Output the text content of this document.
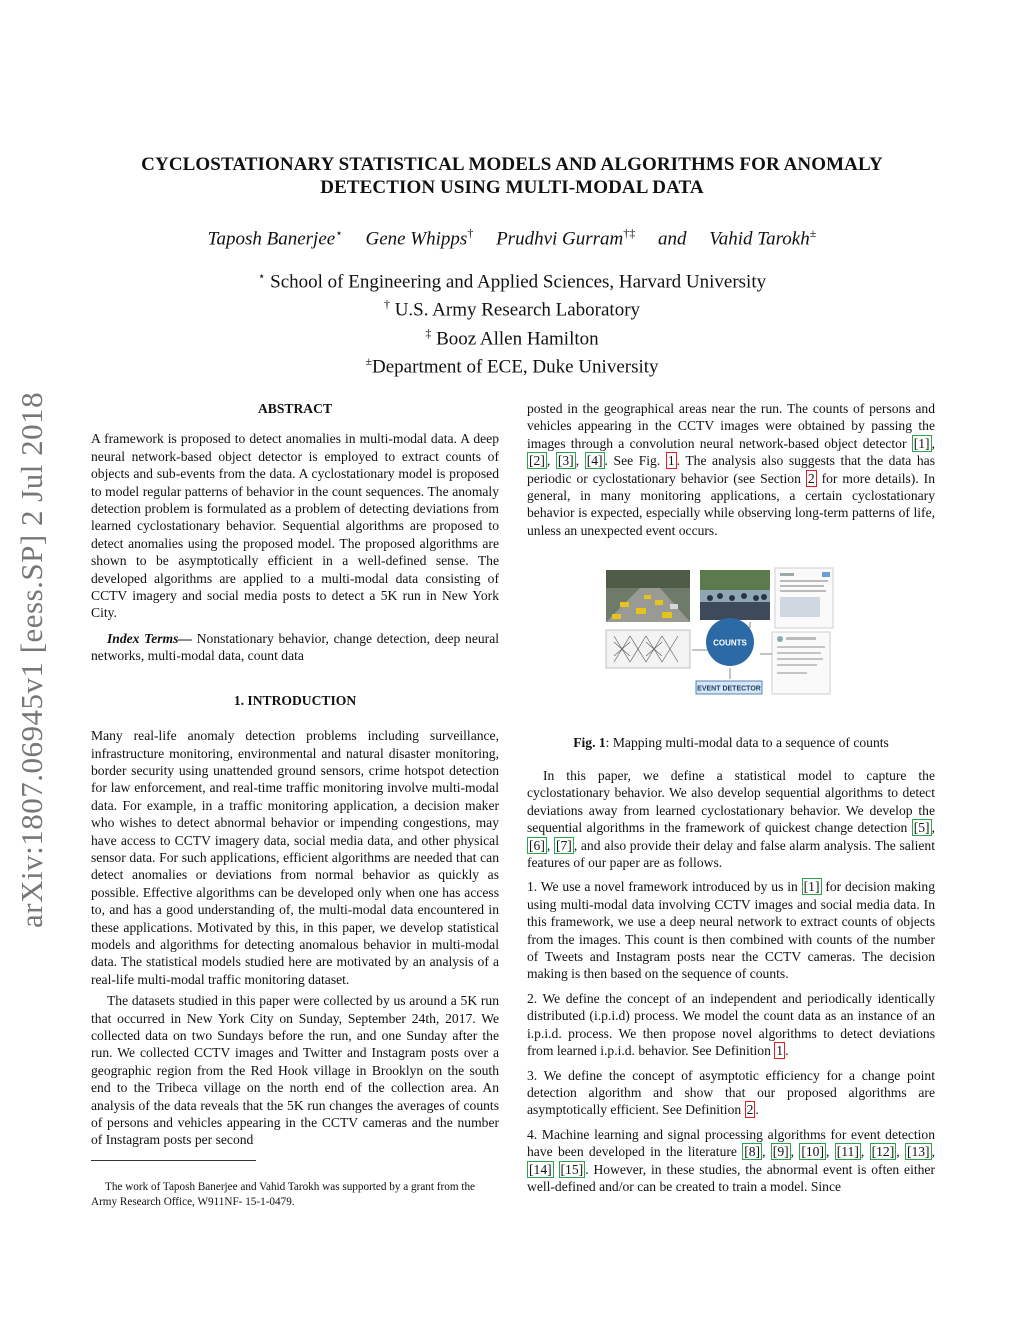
arXiv:1807.06945v1 [eess.SP] 2 Jul 2018
CYCLOSTATIONARY STATISTICAL MODELS AND ALGORITHMS FOR ANOMALY
DETECTION USING MULTI-MODAL DATA
Taposh Banerjee⋆ Gene Whipps† Prudhvi Gurram†‡ and Vahid Tarokh±
⋆ School of Engineering and Applied Sciences, Harvard University
† U.S. Army Research Laboratory
‡ Booz Allen Hamilton
±Department of ECE, Duke University

ABSTRACT

A framework is proposed to detect anomalies in multi-modal data. A deep neural network-based object detector is employed to extract counts of objects and sub-events from the data. A cyclostationary model is proposed to model regular patterns of behavior in the count sequences. The anomaly detection problem is formulated as a problem of detecting deviations from learned cyclostationary behavior. Sequential algorithms are proposed to detect anomalies using the proposed model. The proposed algorithms are shown to be asymptotically efficient in a well-defined sense. The developed algorithms are applied to a multi-modal data consisting of CCTV imagery and social media posts to detect a 5K run in New York City.

Index Terms— Nonstationary behavior, change detection, deep neural networks, multi-modal data, count data

1. INTRODUCTION

Many real-life anomaly detection problems including surveillance, infrastructure monitoring, environmental and natural disaster monitoring, border security using unattended ground sensors, crime hotspot detection for law enforcement, and real-time traffic monitoring involve multi-modal data. For example, in a traffic monitoring application, a decision maker who wishes to detect abnormal behavior or impending congestions, may have access to CCTV imagery data, social media data, and other physical sensor data. For such applications, efficient algorithms are needed that can detect anomalies or deviations from normal behavior as quickly as possible. Effective algorithms can be developed only when one has access to, and has a good understanding of, the multi-modal data encountered in these applications. Motivated by this, in this paper, we develop statistical models and algorithms for detecting anomalous behavior in multi-modal data. The statistical models studied here are motivated by an analysis of a real-life multi-modal traffic monitoring dataset.

The datasets studied in this paper were collected by us around a 5K run that occurred in New York City on Sunday, September 24th, 2017. We collected data on two Sundays before the run, and one Sunday after the run. We collected CCTV images and Twitter and Instagram posts over a geographic region from the Red Hook village in Brooklyn on the south end to the Tribeca village on the north end of the collection area. An analysis of the data reveals that the 5K run changes the averages of counts of persons and vehicles appearing in the CCTV cameras and the number of Instagram posts per second

The work of Taposh Banerjee and Vahid Tarokh was supported by a grant from the Army Research Office, W911NF- 15-1-0479.

posted in the geographical areas near the run. The counts of persons and vehicles appearing in the CCTV images were obtained by passing the images through a convolution neural network-based object detector [1] , [2] , [3] , [4] . See Fig. 1 . The analysis also suggests that the data has periodic or cyclostationary behavior (see Section 2 for more details). In general, in many monitoring applications, a certain cyclostationary behavior is expected, especially while observing long-term patterns of life, unless an unexpected event occurs.

COUNTS
EVENT DETECTOR
Fig. 1: Mapping multi-modal data to a sequence of counts

In this paper, we define a statistical model to capture the cyclostationary behavior. We also develop sequential algorithms to detect deviations away from learned cyclostationary behavior. We develop the sequential algorithms in the framework of quickest change detection [5] , [6] , [7] , and also provide their delay and false alarm analysis. The salient features of our paper are as follows.

1. We use a novel framework introduced by us in [1] for decision making using multi-modal data involving CCTV images and social media data. In this framework, we use a deep neural network to extract counts of objects from the images. This count is then combined with counts of the number of Tweets and Instagram posts near the CCTV cameras. The decision making is then based on the sequence of counts.

2. We define the concept of an independent and periodically identically distributed (i.p.i.d) process. We model the count data as an instance of an i.p.i.d. process. We then propose novel algorithms to detect deviations from learned i.p.i.d. behavior. See Definition 1 .

3. We define the concept of asymptotic efficiency for a change point detection algorithm and show that our proposed algorithms are asymptotically efficient. See Definition 2 .

4. Machine learning and signal processing algorithms for event detection have been developed in the literature [8] , [9] , [10] , [11] , [12] , [13] , [14] [15] . However, in these studies, the abnormal event is often either well-defined and/or can be created to train a model. Since
